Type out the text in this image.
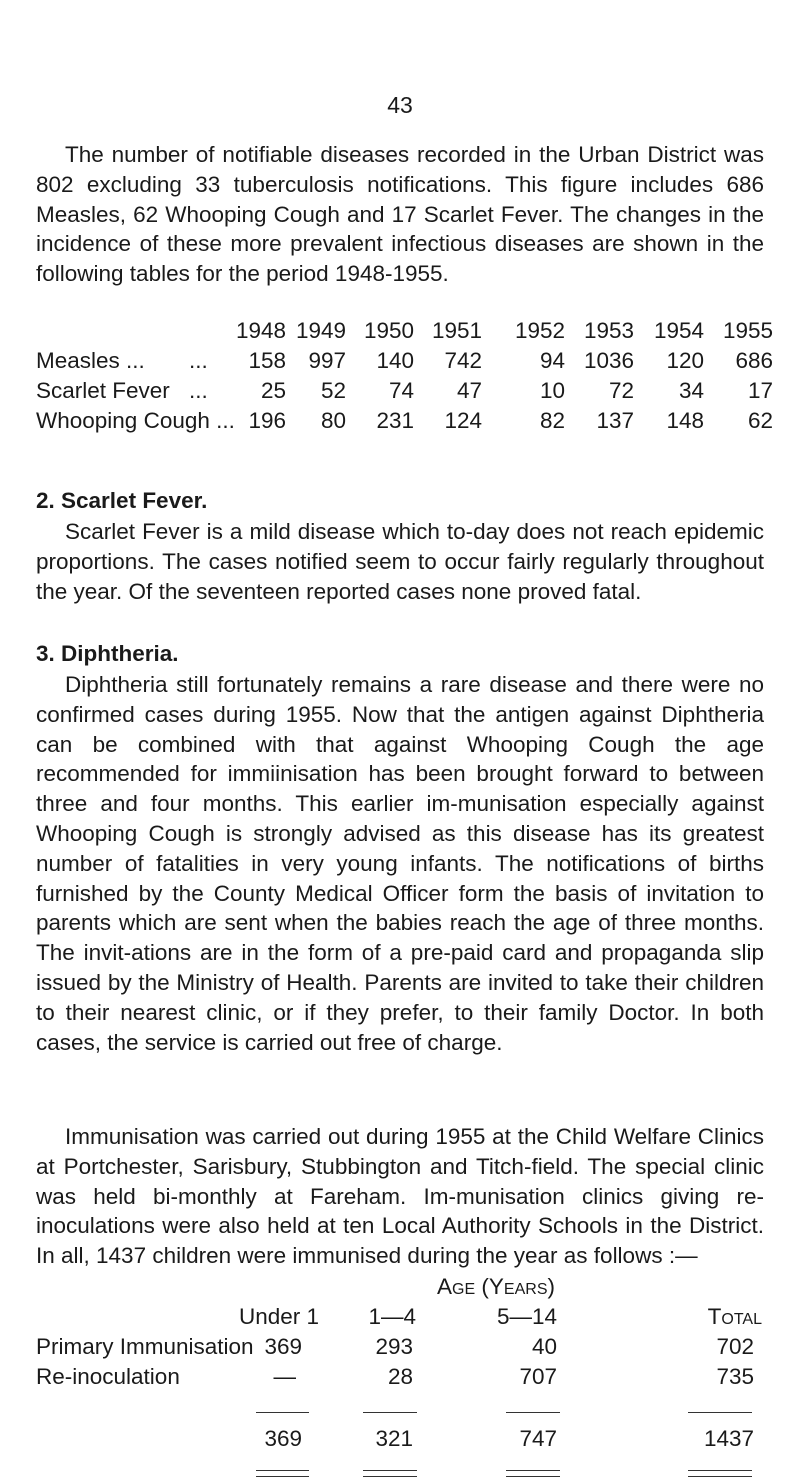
43

The number of notifiable diseases recorded in the Urban District was 802 excluding 33 tuberculosis notifications. This figure includes 686 Measles, 62 Whooping Cough and 17 Scarlet Fever. The changes in the incidence of these more prevalent infectious diseases are shown in the following tables for the period 1948-1955.

1948 1949 1950 1951 1952 1953 1954 1955
Measles ... ... 158 997 140 742	94 1036 120 686
Scarlet Fever ... 25 52 74 47	10 72 34 17
Whooping Cough ... 196 80 231 124	82 137 148 62
2. Scarlet Fever.

Scarlet Fever is a mild disease which to-day does not reach epidemic proportions. The cases notified seem to occur fairly regularly throughout the year. Of the seventeen reported cases none proved fatal.

3. Diphtheria.

Diphtheria still fortunately remains a rare disease and there were no confirmed cases during 1955. Now that the antigen against Diphtheria can be combined with that against Whooping Cough the age recommended for immiinisation has been brought forward to between three and four months. This earlier im-munisation especially against Whooping Cough is strongly advised as this disease has its greatest number of fatalities in very young infants. The notifications of births furnished by the County Medical Officer form the basis of invitation to parents which are sent when the babies reach the age of three months. The invit-ations are in the form of a pre-paid card and propaganda slip issued by the Ministry of Health. Parents are invited to take their children to their nearest clinic, or if they prefer, to their family Doctor. In both cases, the service is carried out free of charge.

Immunisation was carried out during 1955 at the Child Welfare Clinics at Portchester, Sarisbury, Stubbington and Titch-field. The special clinic was held bi-monthly at Fareham. Im-munisation clinics giving re-inoculations were also held at ten Local Authority Schools in the District. In all, 1437 children were immunised during the year as follows :—

Age (Years)
Under 1 1—4	5—14	Total
Primary Immunisation 369	293	40	702
Re-inoculation	—	28	707	735
369	321	747	1437
